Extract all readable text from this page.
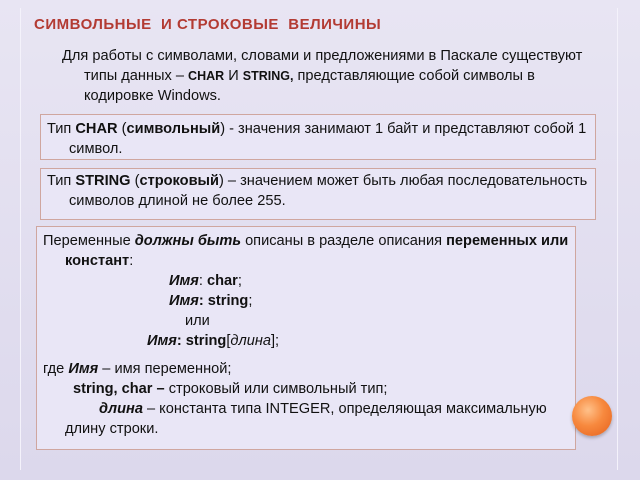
СИМВОЛЬНЫЕ  И СТРОКОВЫЕ  ВЕЛИЧИНЫ

Для работы с символами, словами и предложениями в Паскале существуют типы данных – CHAR И STRING, представляющие собой символы в кодировке Windows.

Тип CHAR (символьный) - значения занимают 1 байт и представляют собой 1 символ.

Тип STRING (строковый) – значением может быть любая последовательность символов длиной не более 255.

Переменные должны быть описаны в разделе описания переменных или констант:

Имя: char;
Имя: string;
или
Имя: string[длина];
где Имя – имя переменной;
string, char – строковый или символьный тип;

длина – константа типа INTEGER, определяющая максимальную длину строки.
